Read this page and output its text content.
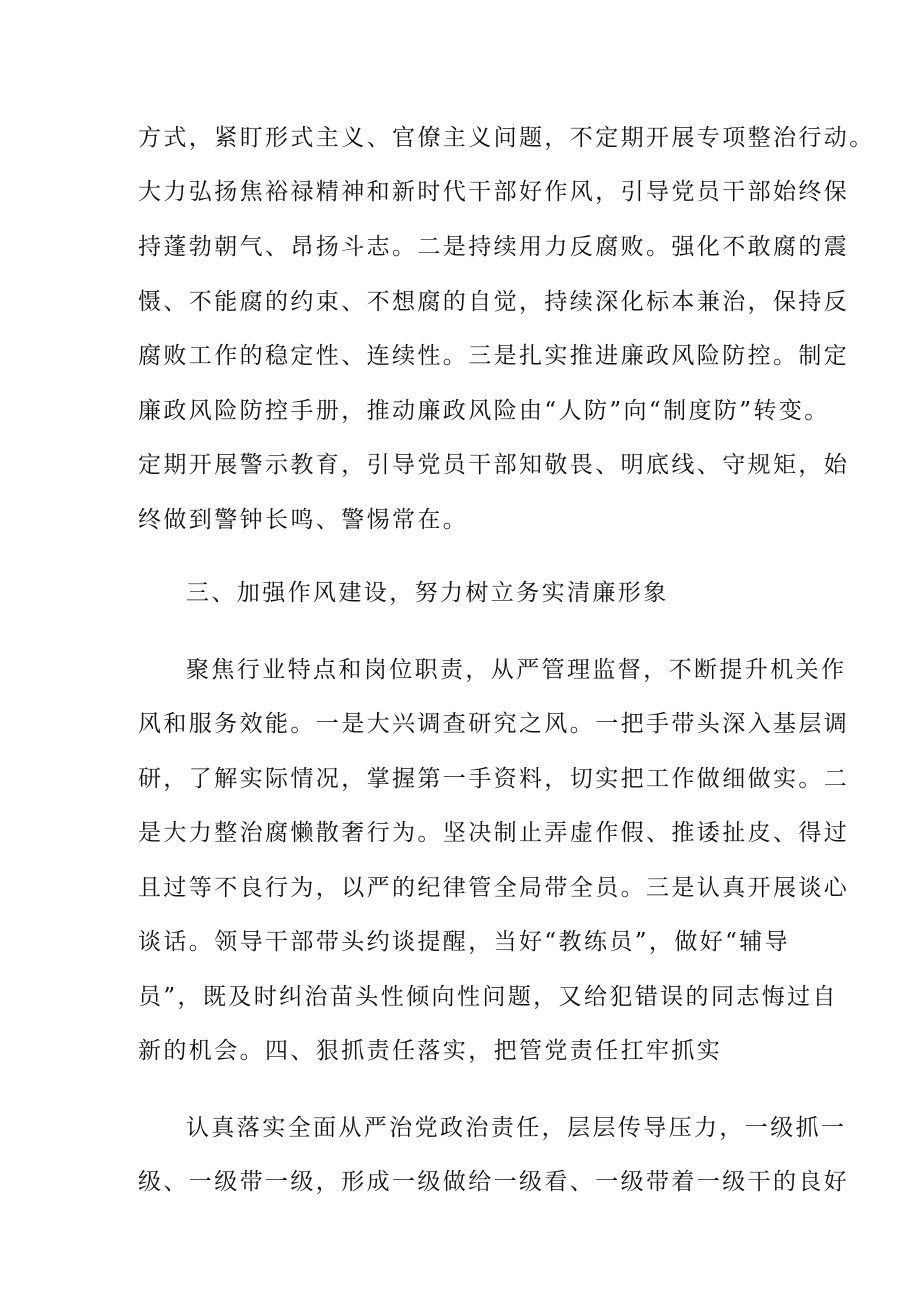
方式，紧盯形式主义、官僚主义问题，不定期开展专项整治行动。
大力弘扬焦裕禄精神和新时代干部好作风，引导党员干部始终保
持蓬勃朝气、昂扬斗志。二是持续用力反腐败。强化不敢腐的震
慑、不能腐的约束、不想腐的自觉，持续深化标本兼治，保持反
腐败工作的稳定性、连续性。三是扎实推进廉政风险防控。制定
廉政风险防控手册，推动廉政风险由“人防”向“制度防”转变。
定期开展警示教育，引导党员干部知敬畏、明底线、守规矩，始
终做到警钟长鸣、警惕常在。
三、加强作风建设，努力树立务实清廉形象
聚焦行业特点和岗位职责，从严管理监督，不断提升机关作
风和服务效能。一是大兴调查研究之风。一把手带头深入基层调
研，了解实际情况，掌握第一手资料，切实把工作做细做实。二
是大力整治腐懒散奢行为。坚决制止弄虚作假、推诿扯皮、得过
且过等不良行为，以严的纪律管全局带全员。三是认真开展谈心
谈话。领导干部带头约谈提醒，当好“教练员”，做好“辅导
员”，既及时纠治苗头性倾向性问题，又给犯错误的同志悔过自
新的机会。四、狠抓责任落实，把管党责任扛牢抓实
认真落实全面从严治党政治责任，层层传导压力，一级抓一
级、一级带一级，形成一级做给一级看、一级带着一级干的良好
